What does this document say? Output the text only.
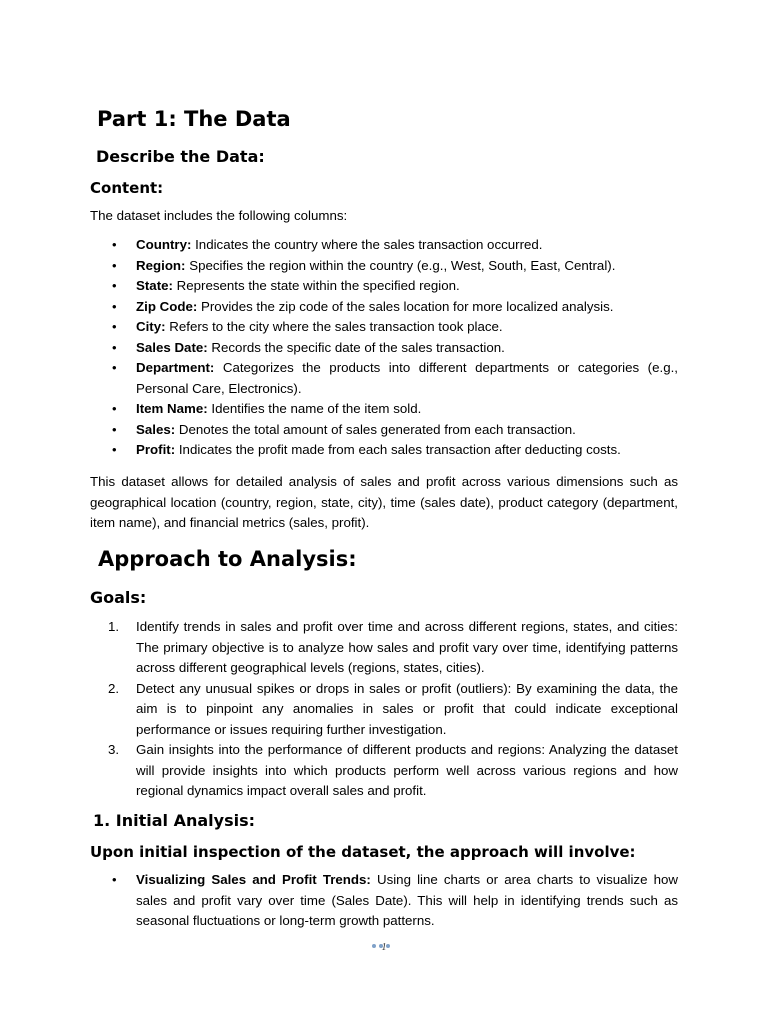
Part 1: The Data
Describe the Data:
Content:

The dataset includes the following columns:

• Country: Indicates the country where the sales transaction occurred.
• Region: Specifies the region within the country (e.g., West, South, East, Central).
• State: Represents the state within the specified region.
• Zip Code: Provides the zip code of the sales location for more localized analysis.
• City: Refers to the city where the sales transaction took place.
• Sales Date: Records the specific date of the sales transaction.
• Department: Categorizes the products into different departments or categories (e.g., Personal Care, Electronics).
• Item Name: Identifies the name of the item sold.
• Sales: Denotes the total amount of sales generated from each transaction.
• Profit: Indicates the profit made from each sales transaction after deducting costs.

This dataset allows for detailed analysis of sales and profit across various dimensions such as geographical location (country, region, state, city), time (sales date), product category (department, item name), and financial metrics (sales, profit).

Approach to Analysis:
Goals:
1. Identify trends in sales and profit over time and across different regions, states, and cities: The primary objective is to analyze how sales and profit vary over time, identifying patterns across different geographical levels (regions, states, cities).
2. Detect any unusual spikes or drops in sales or profit (outliers): By examining the data, the aim is to pinpoint any anomalies in sales or profit that could indicate exceptional performance or issues requiring further investigation.
3. Gain insights into the performance of different products and regions: Analyzing the dataset will provide insights into which products perform well across various regions and how regional dynamics impact overall sales and profit.
1. Initial Analysis:
Upon initial inspection of the dataset, the approach will involve:
• Visualizing Sales and Profit Trends: Using line charts or area charts to visualize how sales and profit vary over time (Sales Date). This will help in identifying trends such as seasonal fluctuations or long-term growth patterns.
1
